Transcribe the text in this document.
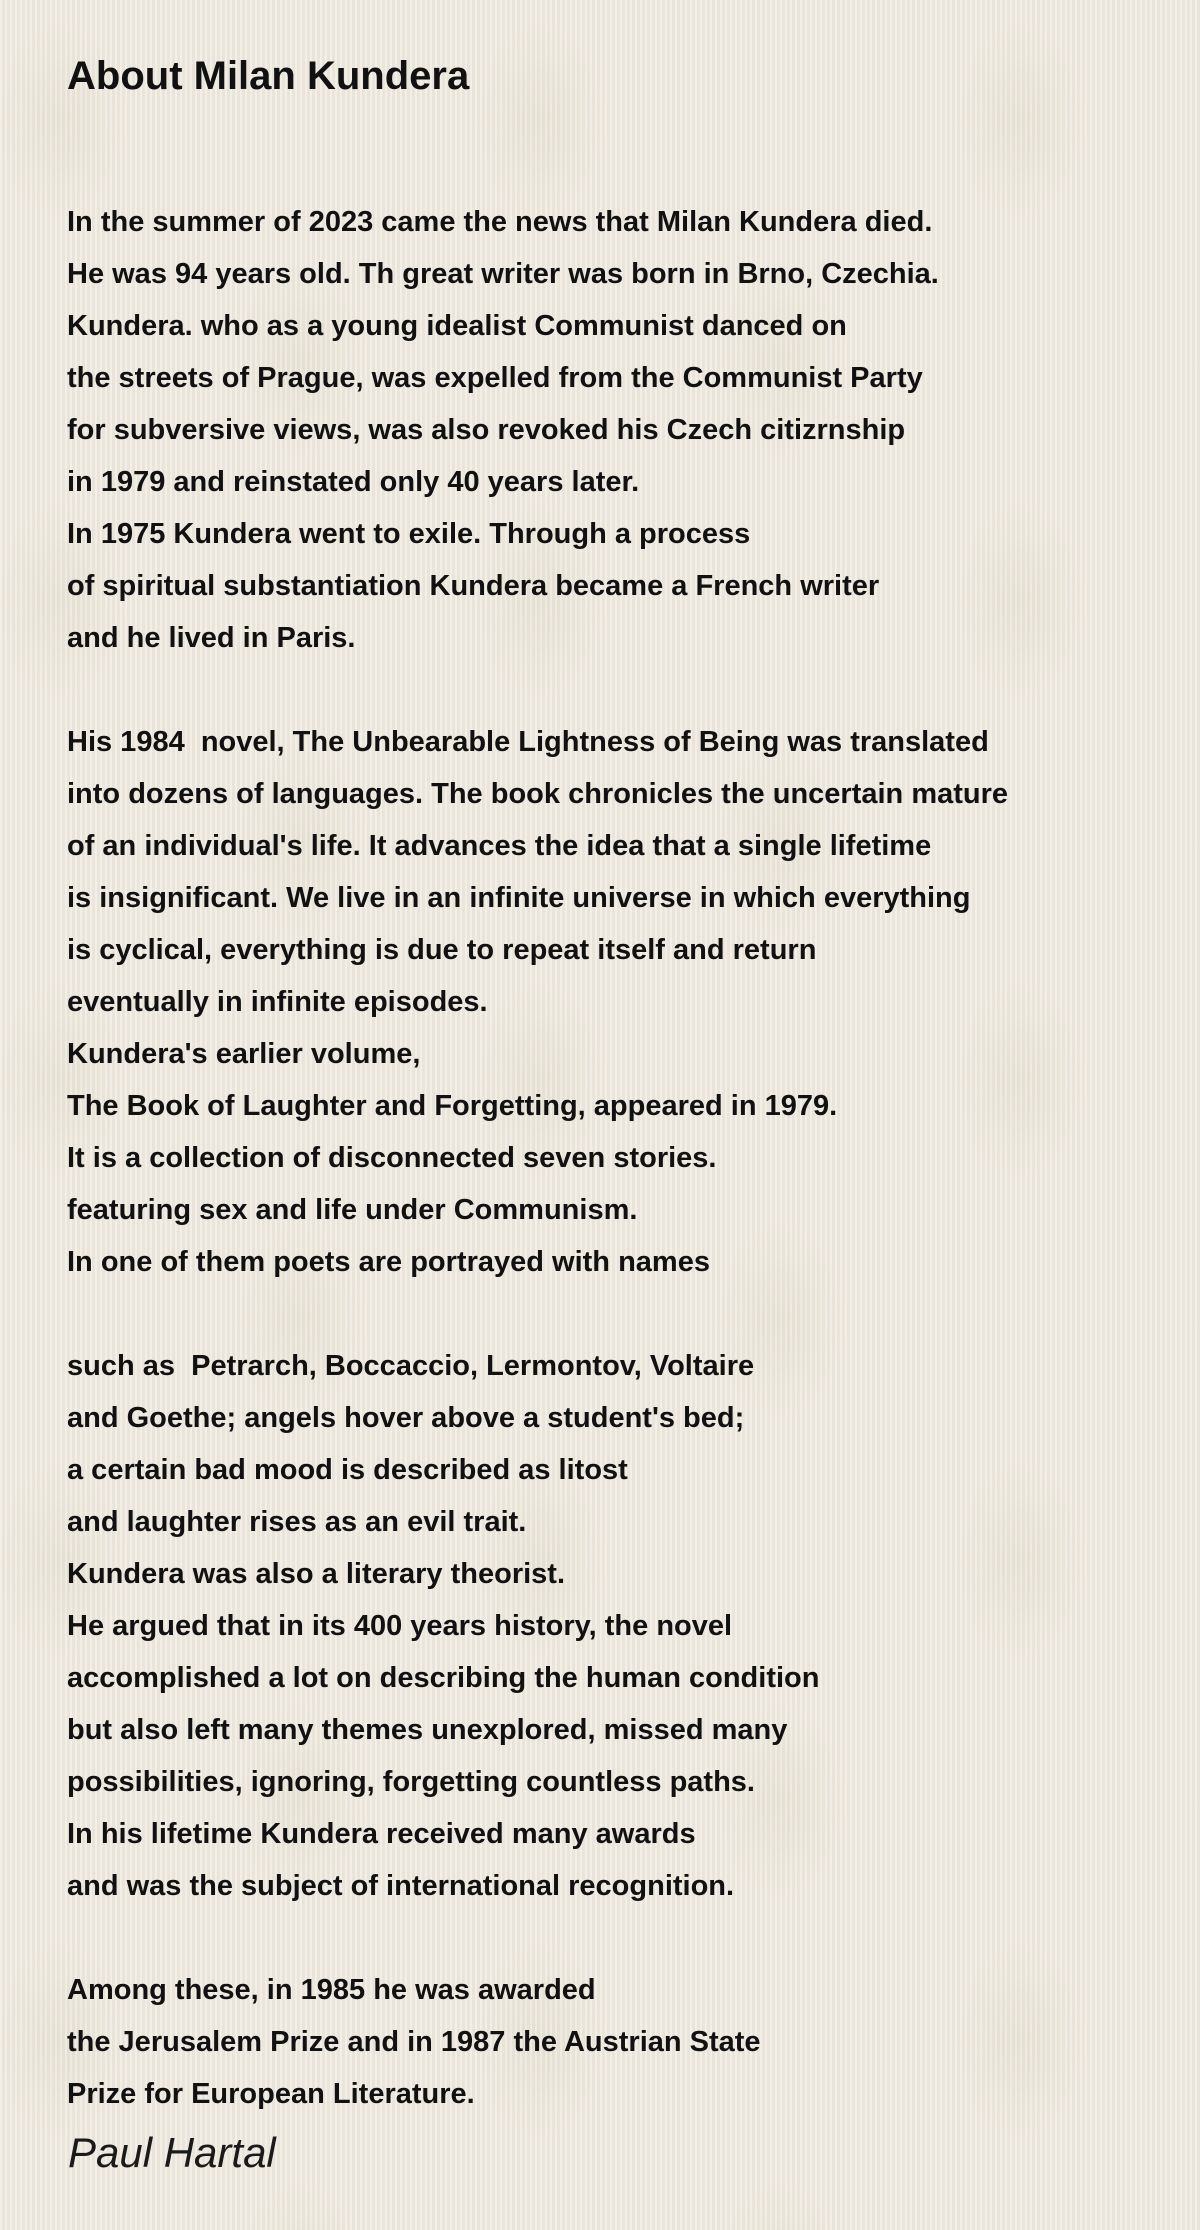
About Milan Kundera
In the summer of 2023 came the news that Milan Kundera died.
He was 94 years old. Th great writer was born in Brno, Czechia.
Kundera. who as a young idealist Communist danced on
the streets of Prague, was expelled from the Communist Party
for subversive views, was also revoked his Czech citizrnship
in 1979 and reinstated only 40 years later.
In 1975 Kundera went to exile. Through a process
of spiritual substantiation Kundera became a French writer
and he lived in Paris.
His 1984  novel, The Unbearable Lightness of Being was translated
into dozens of languages. The book chronicles the uncertain mature
of an individual's life. It advances the idea that a single lifetime
is insignificant. We live in an infinite universe in which everything
is cyclical, everything is due to repeat itself and return
eventually in infinite episodes.
Kundera's earlier volume,
The Book of Laughter and Forgetting, appeared in 1979.
It is a collection of disconnected seven stories.
featuring sex and life under Communism.
In one of them poets are portrayed with names
such as  Petrarch, Boccaccio, Lermontov, Voltaire
and Goethe; angels hover above a student's bed;
a certain bad mood is described as litost
and laughter rises as an evil trait.
Kundera was also a literary theorist.
He argued that in its 400 years history, the novel
accomplished a lot on describing the human condition
but also left many themes unexplored, missed many
possibilities, ignoring, forgetting countless paths.
In his lifetime Kundera received many awards
and was the subject of international recognition.
Among these, in 1985 he was awarded
the Jerusalem Prize and in 1987 the Austrian State
Prize for European Literature.
Paul Hartal
